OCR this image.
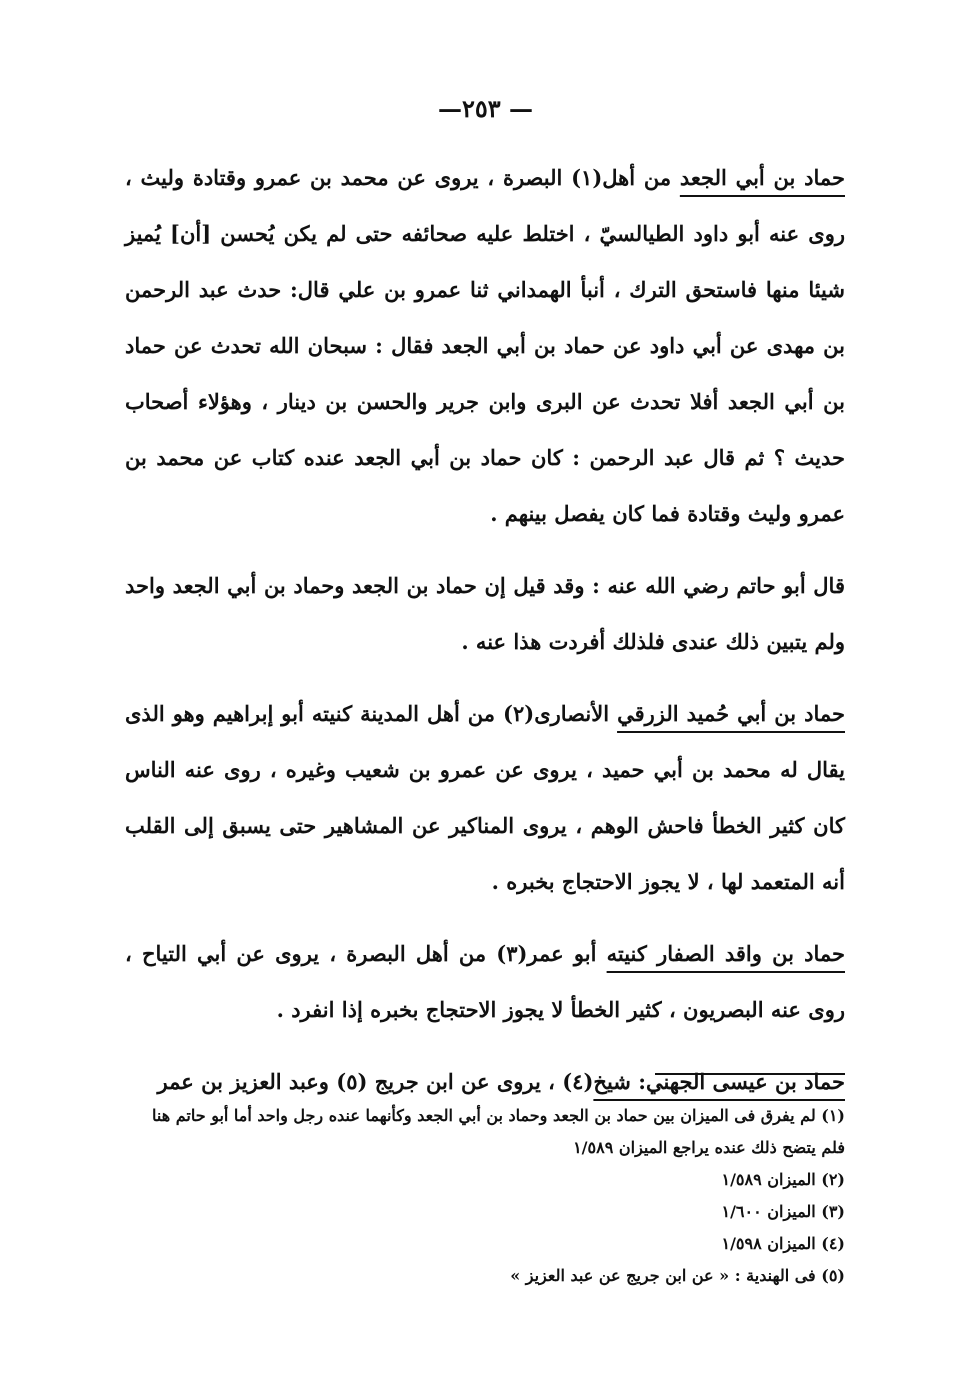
— ٢٥٣—

حماد بن أبي الجعد من أهل(١) البصرة ، يروى عن محمد بن عمرو وقتادة وليث ، روى عنه أبو داود الطيالسيّ ، اختلط عليه صحائفه حتى لم يكن يُحسن [أن] يُميز شيئا منها فاستحق الترك ، أنبأ الهمداني ثنا عمرو بن علي قال: حدث عبد الرحمن بن مهدى عن أبي داود عن حماد بن أبي الجعد فقال : سبحان الله تحدث عن حماد بن أبي الجعد أفلا تحدث عن البرى وابن جرير والحسن بن دينار ، وهؤلاء أصحاب حديث ؟ ثم قال عبد الرحمن : كان حماد بن أبي الجعد عنده كتاب عن محمد بن عمرو وليث وقتادة فما كان يفصل بينهم .

قال أبو حاتم رضي الله عنه : وقد قيل إن حماد بن الجعد وحماد بن أبي الجعد واحد ولم يتبين ذلك عندى فلذلك أفردت هذا عنه .

حماد بن أبي حُميد الزرقي الأنصارى(٢) من أهل المدينة كنيته أبو إبراهيم وهو الذى يقال له محمد بن أبي حميد ، يروى عن عمرو بن شعيب وغيره ، روى عنه الناس كان كثير الخطأ فاحش الوهم ، يروى المناكير عن المشاهير حتى يسبق إلى القلب أنه المتعمد لها ، لا يجوز الاحتجاج بخبره .

حماد بن واقد الصفار كنيته أبو عمر(٣) من أهل البصرة ، يروى عن أبي التياح ، روى عنه البصريون ، كثير الخطأ لا يجوز الاحتجاج بخبره إذا انفرد .

حماد بن عيسى الجهني: شيخ(٤) ، يروى عن ابن جريج (٥) وعبد العزيز بن عمر

(١) لم يفرق فى الميزان بين حماد بن الجعد وحماد بن أبي الجعد وكأنهما عنده رجل واحد أما أبو حاتم هنا فلم يتضح ذلك عنده يراجع الميزان ١/٥٨٩

(٢) الميزان ١/٥٨٩

(٣) الميزان ١/٦٠٠

(٤) الميزان ١/٥٩٨

(٥) فى الهندية : « عن ابن جريج عن عبد العزيز »
